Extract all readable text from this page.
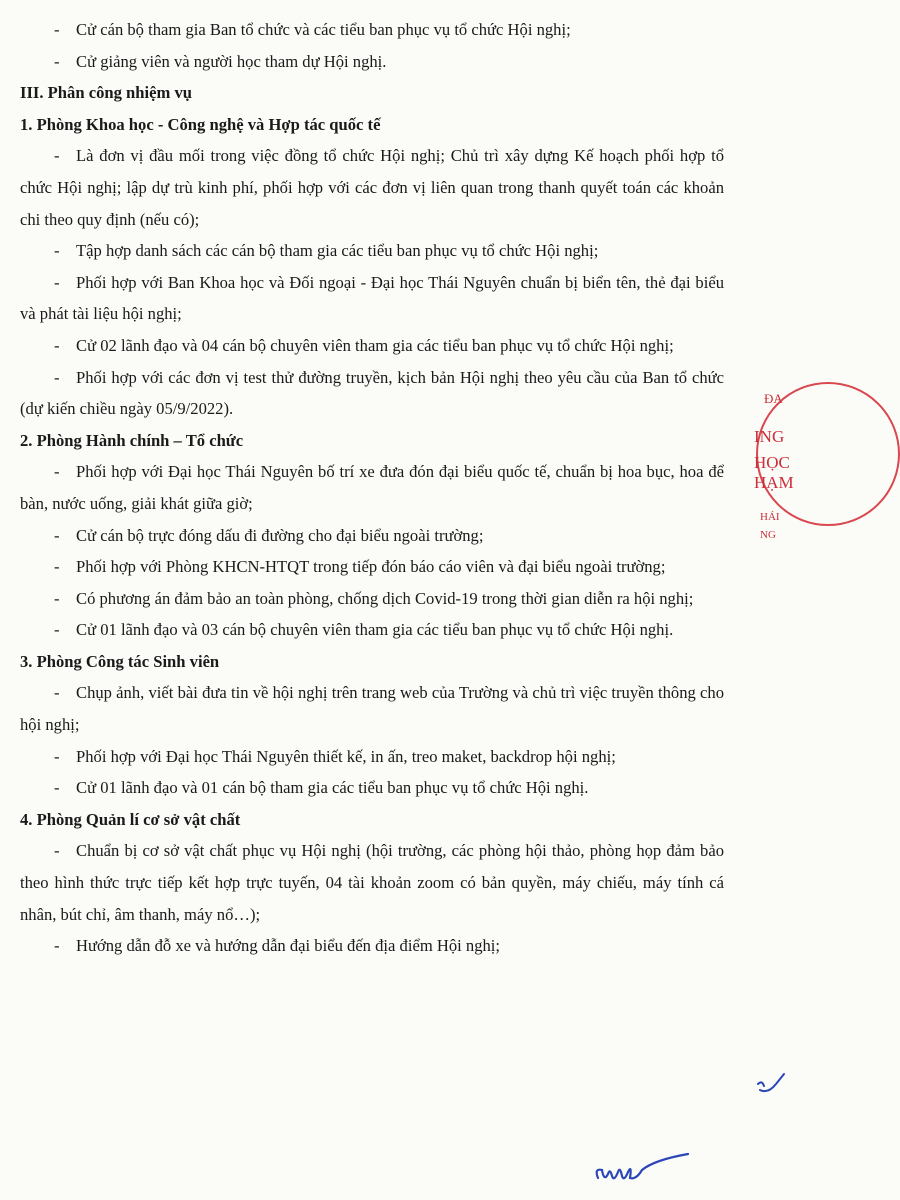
- Cử cán bộ tham gia Ban tổ chức và các tiểu ban phục vụ tổ chức Hội nghị;

- Cử giảng viên và người học tham dự Hội nghị.

III. Phân công nhiệm vụ

1. Phòng Khoa học - Công nghệ và Hợp tác quốc tế

- Là đơn vị đầu mối trong việc đồng tổ chức Hội nghị; Chủ trì xây dựng Kế hoạch phối hợp tổ chức Hội nghị; lập dự trù kinh phí, phối hợp với các đơn vị liên quan trong thanh quyết toán các khoản chi theo quy định (nếu có);

- Tập hợp danh sách các cán bộ tham gia các tiểu ban phục vụ tổ chức Hội nghị;

- Phối hợp với Ban Khoa học và Đối ngoại - Đại học Thái Nguyên chuẩn bị biển tên, thẻ đại biểu và phát tài liệu hội nghị;

- Cử 02 lãnh đạo và 04 cán bộ chuyên viên tham gia các tiểu ban phục vụ tổ chức Hội nghị;

- Phối hợp với các đơn vị test thử đường truyền, kịch bản Hội nghị theo yêu cầu của Ban tổ chức (dự kiến chiều ngày 05/9/2022).

2. Phòng Hành chính – Tổ chức

- Phối hợp với Đại học Thái Nguyên bố trí xe đưa đón đại biểu quốc tế, chuẩn bị hoa bục, hoa để bàn, nước uống, giải khát giữa giờ;

- Cử cán bộ trực đóng dấu đi đường cho đại biểu ngoài trường;

- Phối hợp với Phòng KHCN-HTQT trong tiếp đón báo cáo viên và đại biểu ngoài trường;

- Có phương án đảm bảo an toàn phòng, chống dịch Covid-19 trong thời gian diễn ra hội nghị;

- Cử 01 lãnh đạo và 03 cán bộ chuyên viên tham gia các tiểu ban phục vụ tổ chức Hội nghị.

3. Phòng Công tác Sinh viên

- Chụp ảnh, viết bài đưa tin về hội nghị trên trang web của Trường và chủ trì việc truyền thông cho hội nghị;

- Phối hợp với Đại học Thái Nguyên thiết kế, in ấn, treo maket, backdrop hội nghị;

- Cử 01 lãnh đạo và 01 cán bộ tham gia các tiểu ban phục vụ tổ chức Hội nghị.

4. Phòng Quản lí cơ sở vật chất

- Chuẩn bị cơ sở vật chất phục vụ Hội nghị (hội trường, các phòng hội thảo, phòng họp đảm bảo theo hình thức trực tiếp kết hợp trực tuyến, 04 tài khoản zoom có bản quyền, máy chiếu, máy tính cá nhân, bút chỉ, âm thanh, máy nổ…);

- Hướng dẫn đỗ xe và hướng dẫn đại biểu đến địa điểm Hội nghị;

ĐẠ
ING
HỌC
HẠM
HÁI NG
